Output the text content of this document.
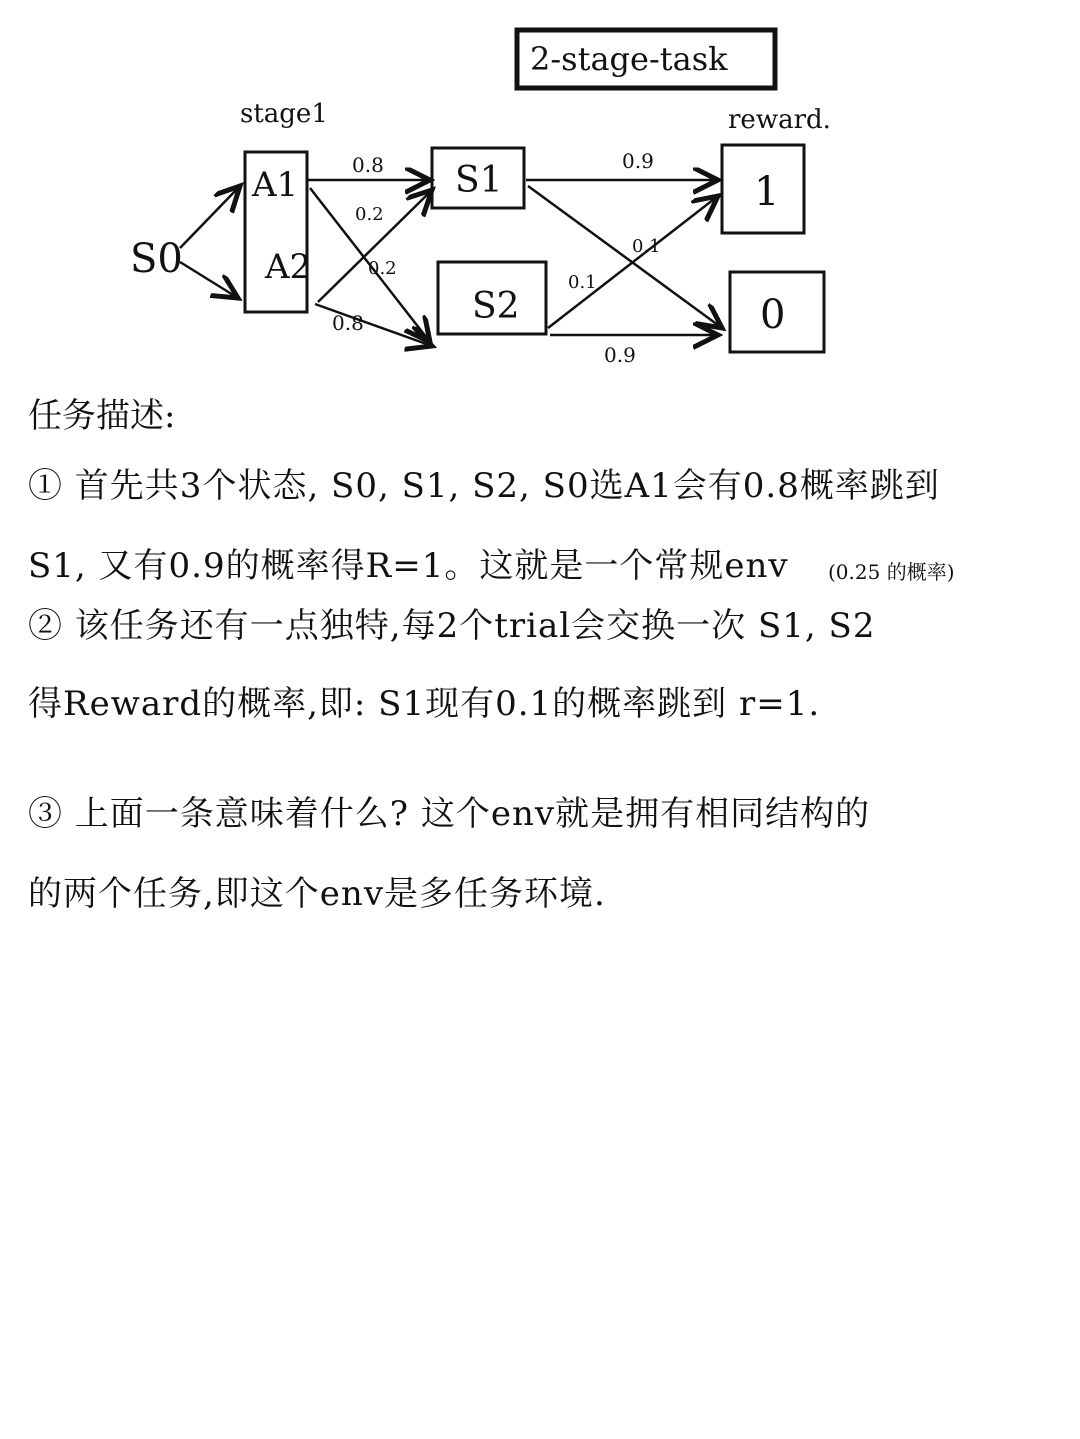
2-stage-task
stage1	reward.
S0
A1
A2
S1
S2
0.8
0.2
0.2
0.8
1
0
0.9
0.1
0.1
0.9
任务描述:
① 首先共3个状态, S0, S1, S2, S0选A1会有0.8概率跳到
S1, 又有0.9的概率得R=1。这就是一个常规env (0.25 的概率)
② 该任务还有一点独特,每2个trial会交换一次 S1, S2
得Reward的概率,即: S1现有0.1的概率跳到 r=1.
③ 上面一条意味着什么? 这个env就是拥有相同结构的
的两个任务,即这个env是多任务环境.
